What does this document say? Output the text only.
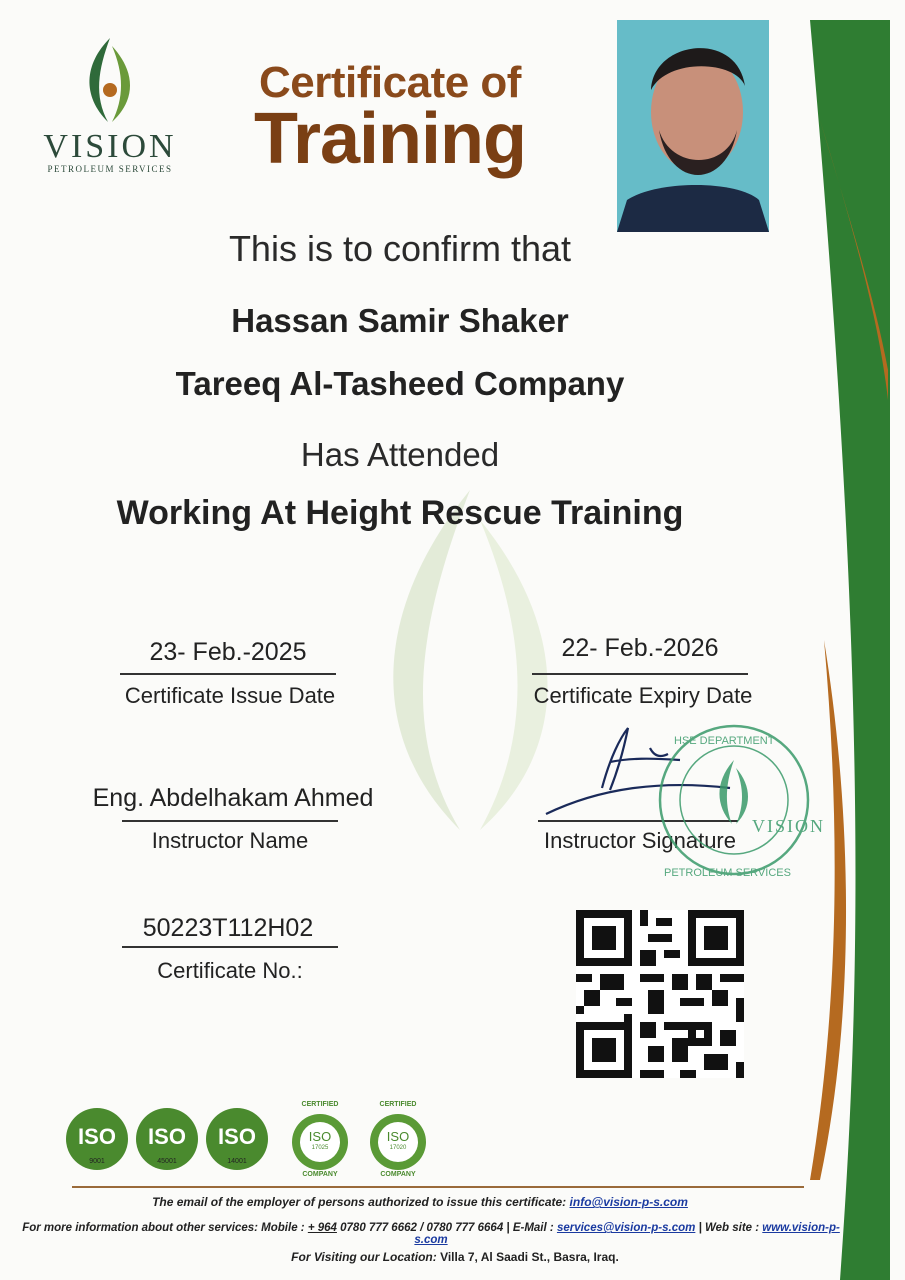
VISION
PETROLEUM SERVICES
Certificate of
Training
This is to confirm that
Hassan Samir Shaker
Tareeq Al-Tasheed Company
Has Attended
Working At Height Rescue Training
23- Feb.-2025
Certificate Issue Date
22- Feb.-2026
Certificate Expiry Date
Eng. Abdelhakam Ahmed
Instructor Name	Instructor Signature
VISION
HSE DEPARTMENT
PETROLEUM SERVICES
50223T112H02
Certificate No.:
ISO
9001
ISO
45001
ISO
14001
CERTIFIED
ISO
17025
COMPANY
CERTIFIED
ISO
17020
COMPANY
The email of the employer of persons authorized to issue this certificate: info@vision-p-s.com
For more information about other services: Mobile : + 964 0780 777 6662 / 0780 777 6664 | E-Mail : services@vision-p-s.com | Web site : www.vision-p-s.com
For Visiting our Location: Villa 7, Al Saadi St., Basra, Iraq.
